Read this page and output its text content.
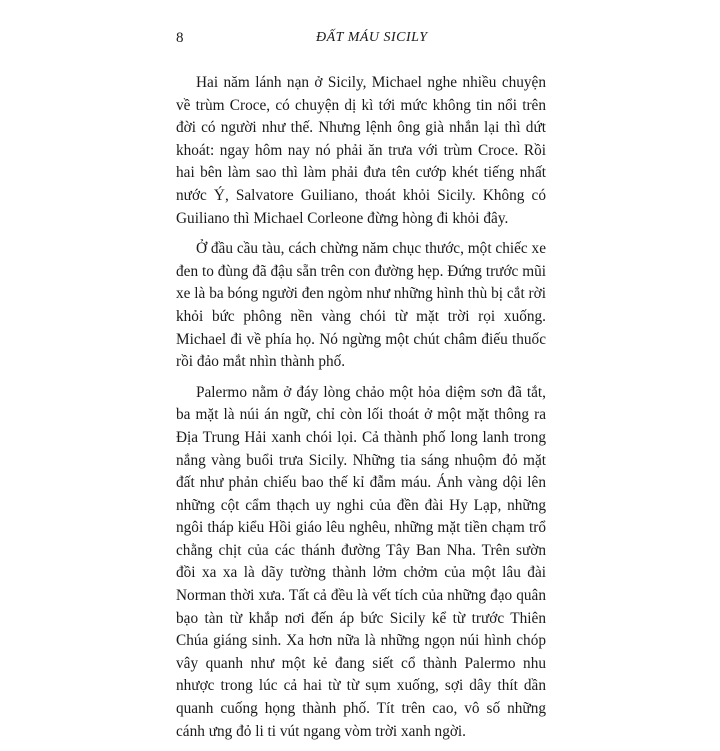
8	ĐẤT MÁU SICILY

Hai năm lánh nạn ở Sicily, Michael nghe nhiều chuyện về trùm Croce, có chuyện dị kì tới mức không tin nổi trên đời có người như thế. Nhưng lệnh ông già nhắn lại thì dứt khoát: ngay hôm nay nó phải ăn trưa với trùm Croce. Rồi hai bên làm sao thì làm phải đưa tên cướp khét tiếng nhất nước Ý, Salvatore Guiliano, thoát khỏi Sicily. Không có Guiliano thì Michael Corleone đừng hòng đi khỏi đây.

Ở đầu cầu tàu, cách chừng năm chục thước, một chiếc xe đen to đùng đã đậu sẵn trên con đường hẹp. Đứng trước mũi xe là ba bóng người đen ngòm như những hình thù bị cắt rời khỏi bức phông nền vàng chói từ mặt trời rọi xuống. Michael đi về phía họ. Nó ngừng một chút châm điếu thuốc rồi đảo mắt nhìn thành phố.

Palermo nằm ở đáy lòng chảo một hỏa diệm sơn đã tắt, ba mặt là núi án ngữ, chỉ còn lối thoát ở một mặt thông ra Địa Trung Hải xanh chói lọi. Cả thành phố long lanh trong nắng vàng buổi trưa Sicily. Những tia sáng nhuộm đỏ mặt đất như phản chiếu bao thế kỉ đẫm máu. Ánh vàng dội lên những cột cẩm thạch uy nghi của đền đài Hy Lạp, những ngôi tháp kiểu Hồi giáo lêu nghêu, những mặt tiền chạm trổ chằng chịt của các thánh đường Tây Ban Nha. Trên sườn đồi xa xa là dãy tường thành lởm chởm của một lâu đài Norman thời xưa. Tất cả đều là vết tích của những đạo quân bạo tàn từ khắp nơi đến áp bức Sicily kể từ trước Thiên Chúa giáng sinh. Xa hơn nữa là những ngọn núi hình chóp vây quanh như một kẻ đang siết cổ thành Palermo nhu nhược trong lúc cả hai từ từ sụm xuống, sợi dây thít dần quanh cuống họng thành phố. Tít trên cao, vô số những cánh ưng đỏ li ti vút ngang vòm trời xanh ngời.
